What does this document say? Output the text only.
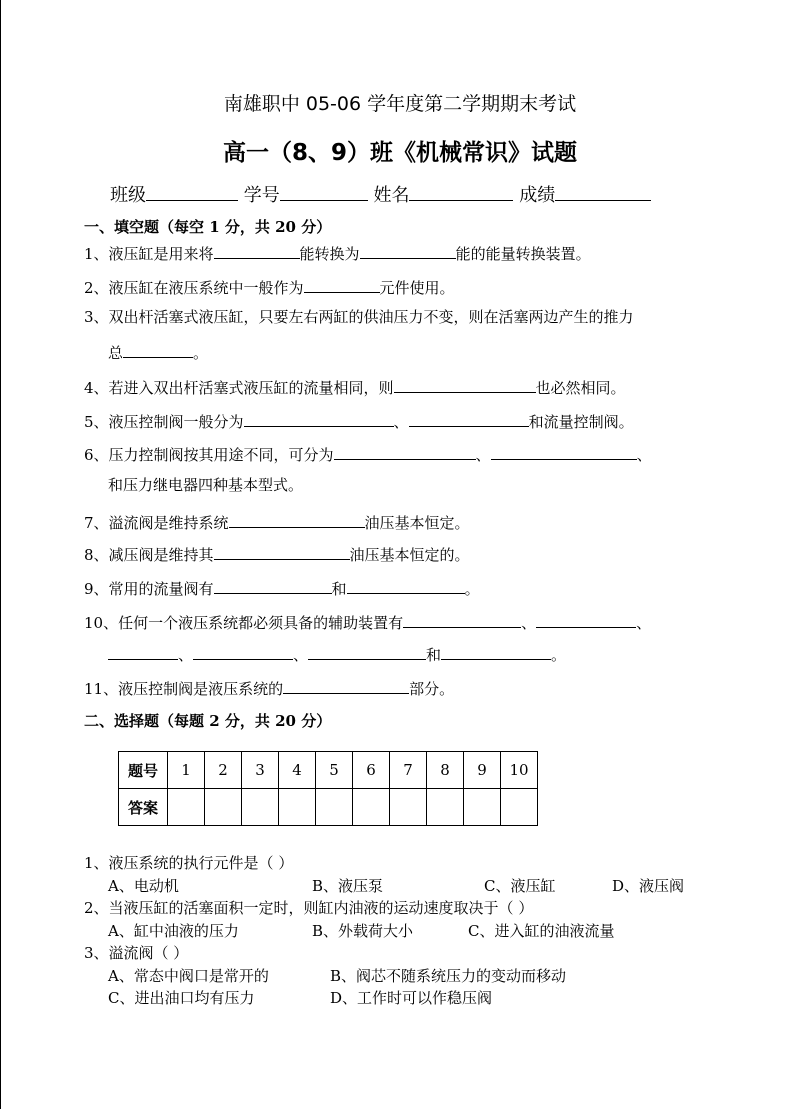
南雄职中 05-06 学年度第二学期期末考试
高一（8、9）班《机械常识》试题
班级	学号	姓名	成绩
一、填空题（每空 1 分，共 20 分）
1、液压缸是用来将	能转换为	能的能量转换装置。
2、液压缸在液压系统中一般作为	元件使用。
3、双出杆活塞式液压缸，只要左右两缸的供油压力不变，则在活塞两边产生的推力
总	。
4、若进入双出杆活塞式液压缸的流量相同，则	也必然相同。
5、液压控制阀一般分为	、	和流量控制阀。
6、压力控制阀按其用途不同，可分为	、	、
和压力继电器四种基本型式。
7、溢流阀是维持系统	油压基本恒定。
8、减压阀是维持其	油压基本恒定的。
9、常用的流量阀有	和	。
10、任何一个液压系统都必须具备的辅助装置有	、	、
、	、	和	。
11、液压控制阀是液压系统的	部分。
二、选择题（每题 2 分，共 20 分）
题号	1	2	3	4	5	6	7	8	9	10
答案										
1、液压系统的执行元件是（ ）
A、电动机	B、液压泵	C、液压缸	D、液压阀
2、当液压缸的活塞面积一定时，则缸内油液的运动速度取决于（ ）
A、缸中油液的压力	B、外载荷大小	C、进入缸的油液流量
3、溢流阀（ ）
A、常态中阀口是常开的	B、阀芯不随系统压力的变动而移动
C、进出油口均有压力	D、工作时可以作稳压阀
